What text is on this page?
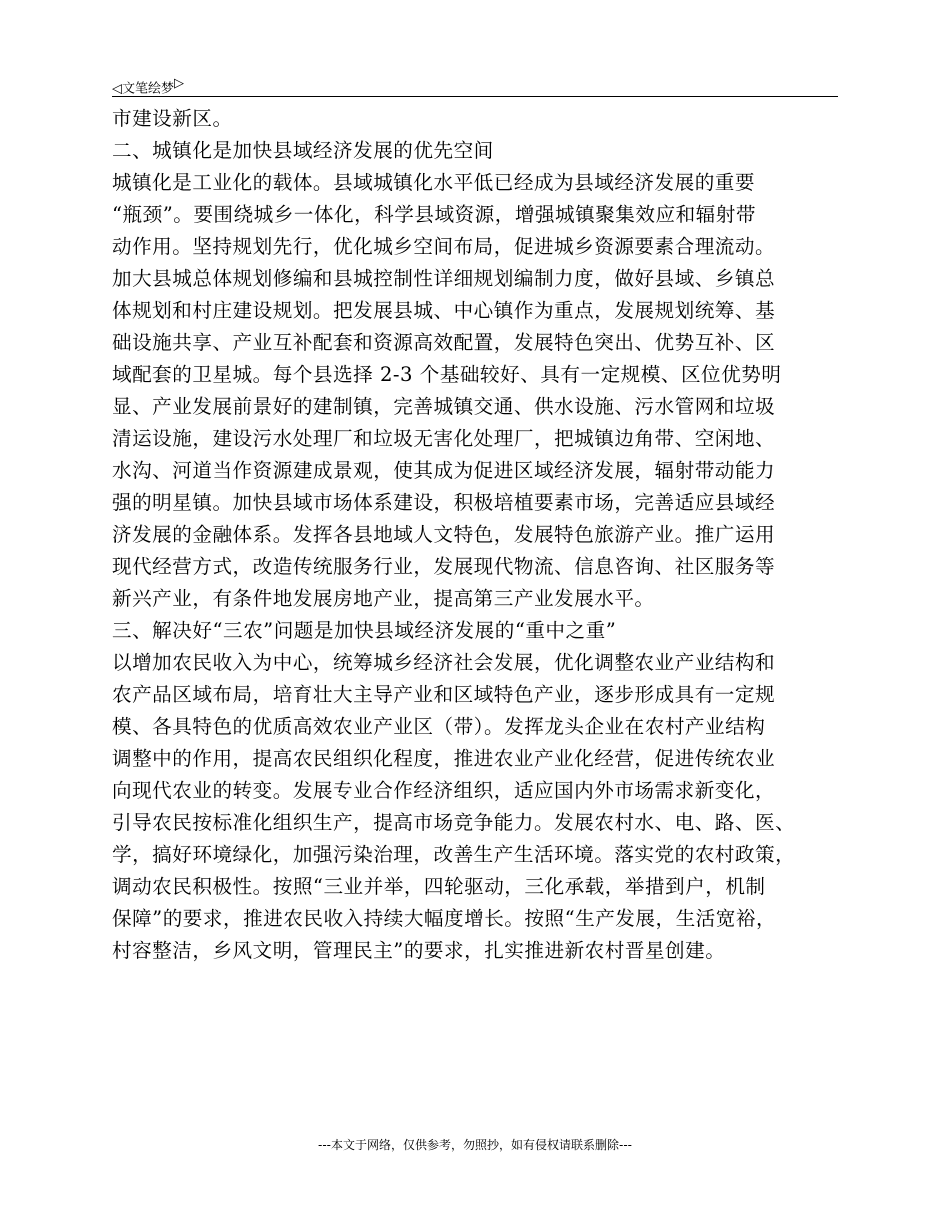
◁文笔绘梦▷
市建设新区。
二、城镇化是加快县域经济发展的优先空间
城镇化是工业化的载体。县域城镇化水平低已经成为县域经济发展的重要
“瓶颈”。要围绕城乡一体化，科学县域资源，增强城镇聚集效应和辐射带
动作用。坚持规划先行，优化城乡空间布局，促进城乡资源要素合理流动。
加大县城总体规划修编和县城控制性详细规划编制力度，做好县域、乡镇总
体规划和村庄建设规划。把发展县城、中心镇作为重点，发展规划统筹、基
础设施共享、产业互补配套和资源高效配置，发展特色突出、优势互补、区
域配套的卫星城。每个县选择 2-3 个基础较好、具有一定规模、区位优势明
显、产业发展前景好的建制镇，完善城镇交通、供水设施、污水管网和垃圾
清运设施，建设污水处理厂和垃圾无害化处理厂，把城镇边角带、空闲地、
水沟、河道当作资源建成景观，使其成为促进区域经济发展，辐射带动能力
强的明星镇。加快县域市场体系建设，积极培植要素市场，完善适应县域经
济发展的金融体系。发挥各县地域人文特色，发展特色旅游产业。推广运用
现代经营方式，改造传统服务行业，发展现代物流、信息咨询、社区服务等
新兴产业，有条件地发展房地产业，提高第三产业发展水平。
三、解决好“三农”问题是加快县域经济发展的“重中之重”
以增加农民收入为中心，统筹城乡经济社会发展，优化调整农业产业结构和
农产品区域布局，培育壮大主导产业和区域特色产业，逐步形成具有一定规
模、各具特色的优质高效农业产业区（带）。发挥龙头企业在农村产业结构
调整中的作用，提高农民组织化程度，推进农业产业化经营，促进传统农业
向现代农业的转变。发展专业合作经济组织，适应国内外市场需求新变化，
引导农民按标准化组织生产，提高市场竞争能力。发展农村水、电、路、医、
学，搞好环境绿化，加强污染治理，改善生产生活环境。落实党的农村政策，
调动农民积极性。按照“三业并举，四轮驱动，三化承载，举措到户，机制
保障”的要求，推进农民收入持续大幅度增长。按照“生产发展，生活宽裕，
村容整洁，乡风文明，管理民主”的要求，扎实推进新农村晋星创建。
---本文于网络，仅供参考，勿照抄，如有侵权请联系删除---
